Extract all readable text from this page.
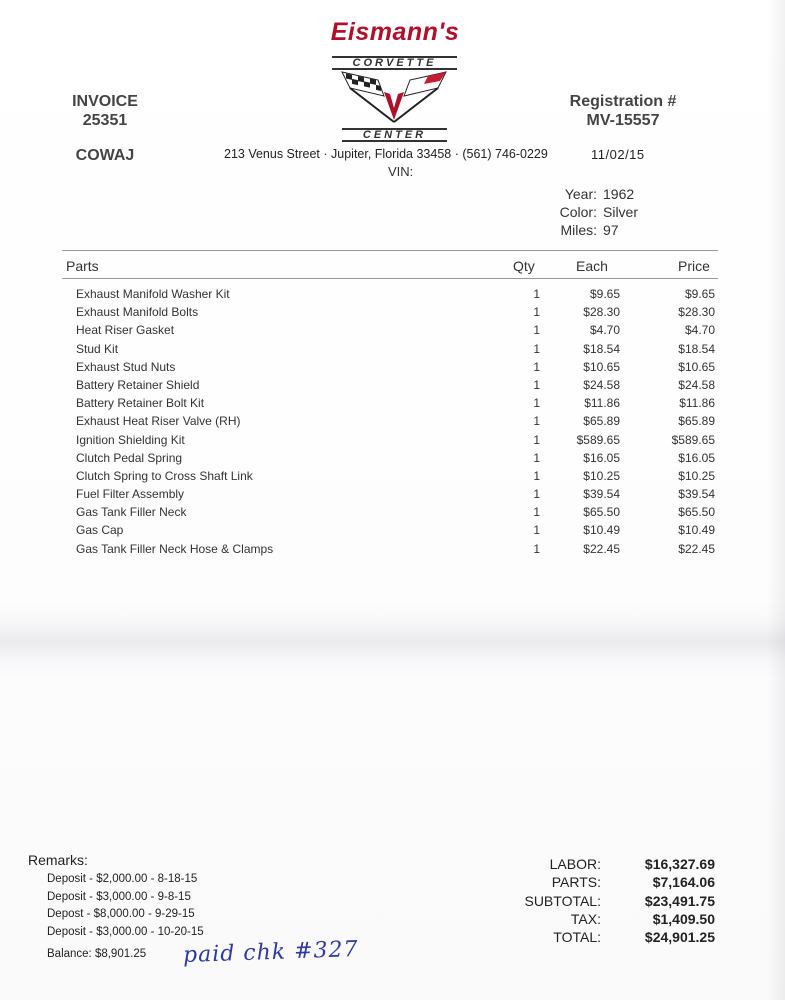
Eismann's
CORVETTE
CENTER
INVOICE
25351
COWAJ
Registration #
MV-15557
213 Venus Street · Jupiter, Florida 33458 · (561) 746-0229	11/02/15
VIN:
Year: 1962
Color: Silver
Miles: 97
Parts	Qty	Each	Price
Exhaust Manifold Washer Kit	1	$9.65	$9.65
Exhaust Manifold Bolts	1	$28.30	$28.30
Heat Riser Gasket	1	$4.70	$4.70
Stud Kit	1	$18.54	$18.54
Exhaust Stud Nuts	1	$10.65	$10.65
Battery Retainer Shield	1	$24.58	$24.58
Battery Retainer Bolt Kit	1	$11.86	$11.86
Exhaust Heat Riser Valve (RH)	1	$65.89	$65.89
Ignition Shielding Kit	1	$589.65	$589.65
Clutch Pedal Spring	1	$16.05	$16.05
Clutch Spring to Cross Shaft Link	1	$10.25	$10.25
Fuel Filter Assembly	1	$39.54	$39.54
Gas Tank Filler Neck	1	$65.50	$65.50
Gas Cap	1	$10.49	$10.49
Gas Tank Filler Neck Hose & Clamps	1	$22.45	$22.45
Remarks:
Deposit - $2,000.00 - 8-18-15
Deposit - $3,000.00 - 9-8-15
Depost - $8,000.00 - 9-29-15
Deposit - $3,000.00 - 10-20-15
Balance: $8,901.25 paid chk #327
LABOR:	$16,327.69
PARTS:	$7,164.06
SUBTOTAL:	$23,491.75
TAX:	$1,409.50
TOTAL:	$24,901.25
